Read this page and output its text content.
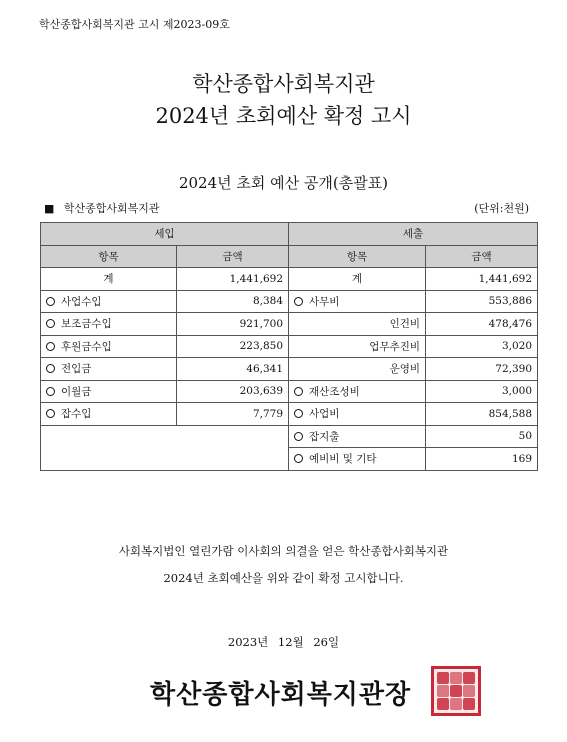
학산종합사회복지관 고시 제2023-09호
학산종합사회복지관
2024년 초회예산 확정 고시
2024년 초회 예산 공개(총괄표)
■ 학산종합사회복지관	(단위:천원)
세입		세출	
항목	금액	항목	금액
계	1,441,692	계	1,441,692
사업수입	8,384	사무비	553,886
보조금수입	921,700	인건비	478,476
후원금수입	223,850	업무추진비	3,020
전입금	46,341	운영비	72,390
이월금	203,639	재산조성비	3,000
잡수입	7,779	사업비	854,588
		잡지출	50
		예비비 및 기타	169
사회복지법인 열린가람 이사회의 의결을 얻은 학산종합사회복지관
2024년 초회예산을 위와 같이 확정 고시합니다.
2023년 12월 26일
학산종합사회복지관장
